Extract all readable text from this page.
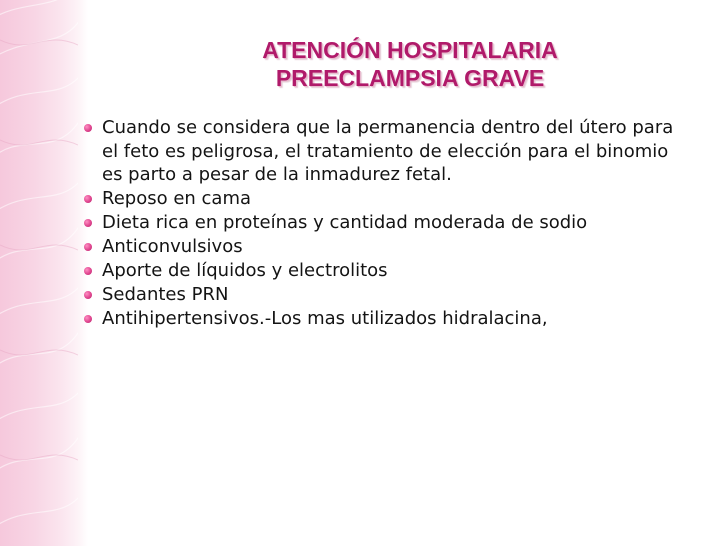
ATENCIÓN HOSPITALARIA
PREECLAMPSIA GRAVE
Cuando se considera que la permanencia dentro del útero para el feto es peligrosa, el tratamiento de elección para el binomio es parto a pesar de la inmadurez fetal.
Reposo en cama
Dieta rica en proteínas y cantidad moderada de sodio
Anticonvulsivos
Aporte de líquidos y electrolitos
Sedantes PRN
Antihipertensivos.-Los mas utilizados hidralacina,
